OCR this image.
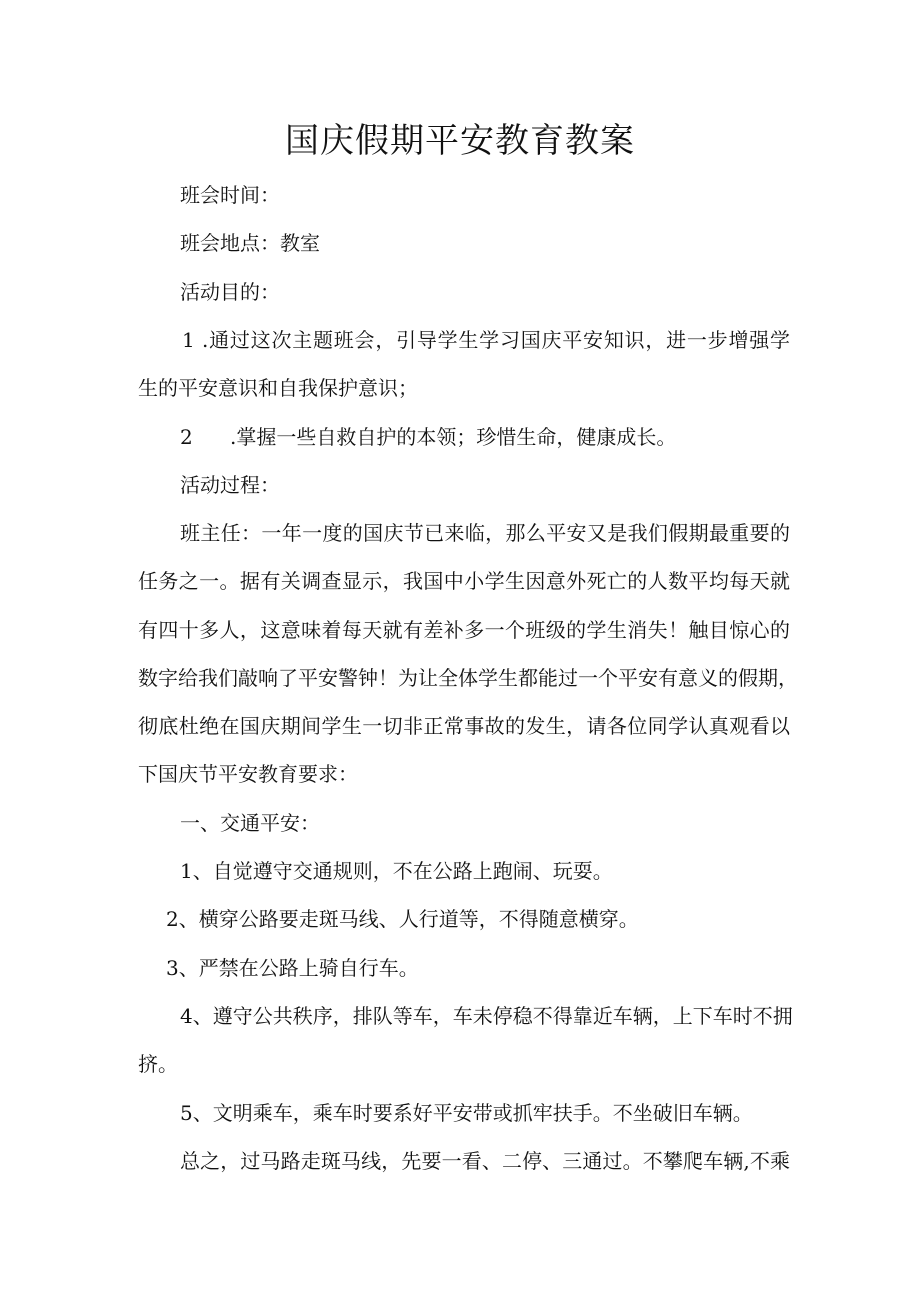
国庆假期平安教育教案

班会时间：

班会地点：教室

活动目的：

1 .通过这次主题班会，引导学生学习国庆平安知识，进一步增强学

生的平安意识和自我保护意识；

2 .掌握一些自救自护的本领；珍惜生命，健康成长。

活动过程：

班主任：一年一度的国庆节已来临，那么平安又是我们假期最重要的

任务之一。据有关调查显示，我国中小学生因意外死亡的人数平均每天就

有四十多人，这意味着每天就有差补多一个班级的学生消失！触目惊心的

数字给我们敲响了平安警钟！为让全体学生都能过一个平安有意义的假期，

彻底杜绝在国庆期间学生一切非正常事故的发生，请各位同学认真观看以

下国庆节平安教育要求：

一、交通平安：

1、自觉遵守交通规则，不在公路上跑闹、玩耍。

2、横穿公路要走斑马线、人行道等，不得随意横穿。

3、严禁在公路上骑自行车。

4、遵守公共秩序，排队等车，车未停稳不得靠近车辆，上下车时不拥

挤。

5、文明乘车，乘车时要系好平安带或抓牢扶手。不坐破旧车辆。

总之，过马路走斑马线，先要一看、二停、三通过。不攀爬车辆,不乘
